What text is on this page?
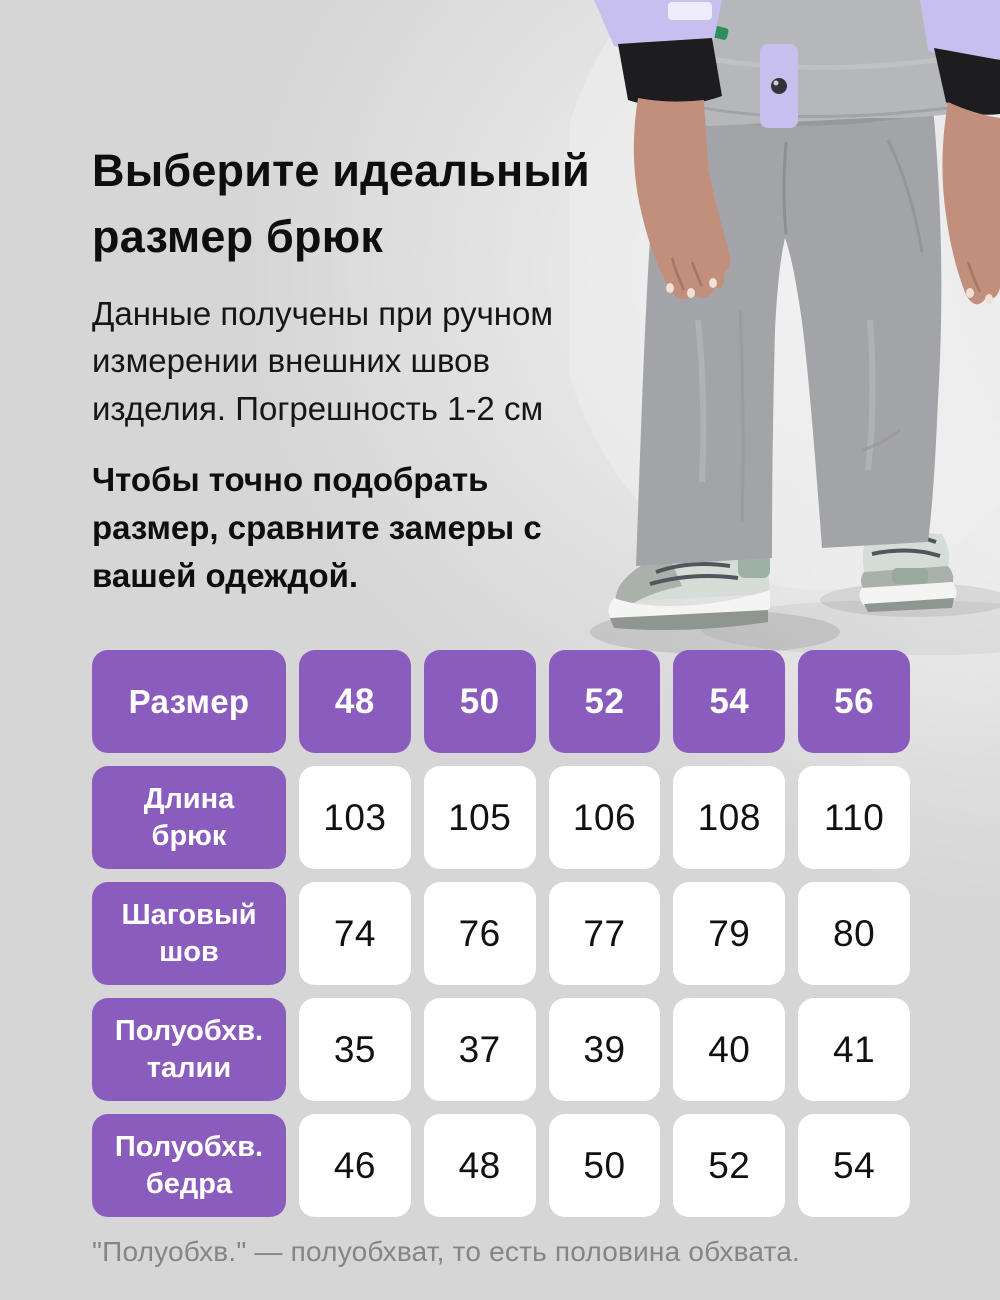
Выберите идеальный размер брюк

Данные получены при ручном измерении внешних швов изделия. Погрешность 1-2 см

Чтобы точно подобрать размер, сравните замеры с вашей одеждой.

Размер	48	50	52	54	56
Длина брюк	103	105	106	108	110
Шаговый шов	74	76	77	79	80
Полуобхв. талии	35	37	39	40	41
Полуобхв. бедра	46	48	50	52	54

"Полуобхв." — полуобхват, то есть половина обхвата.
